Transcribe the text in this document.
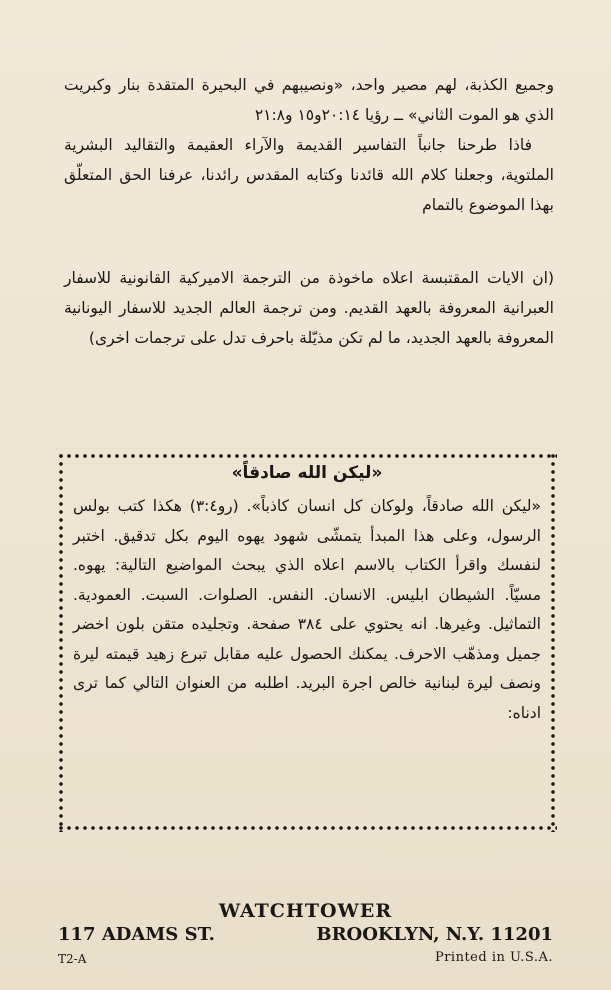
وجميع الكذبة، لهم مصير واحد، «ونصيبهم في البحيرة المتقدة بنار وكبريت الذي هو الموت الثاني» ــ رؤيا ٢٠:١٤و١٥ و٢١:٨

فاذا طرحنا جانباً التفاسير القديمة والآراء العقيمة والتقاليد البشرية الملتوية، وجعلنا كلام الله قائدنا وكتابه المقدس رائدنا، عرفنا الحق المتعلّق بهذا الموضوع بالتمام

(ان الايات المقتبسة اعلاه ماخوذة من الترجمة الاميركية القانونية للاسفار العبرانية المعروفة بالعهد القديم. ومن ترجمة العالم الجديد للاسفار اليونانية المعروفة بالعهد الجديد، ما لم تكن مذيّلة باحرف تدل على ترجمات اخرى)

«ليكن الله صادقاً»

«ليكن الله صادقاً، ولوكان كل انسان كاذباً». (رو٣:٤) هكذا كتب بولس الرسول، وعلى هذا المبدأ يتمشّى شهود يهوه اليوم بكل تدقيق. اختبر لنفسك واقرأ الكتاب بالاسم اعلاه الذي يبحث المواضيع التالية: يهوه. مسيّاً. الشيطان ابليس. الانسان. النفس. الصلوات. السبت. العمودية. التماثيل. وغيرها. انه يحتوي على ٣٨٤ صفحة. وتجليده متقن بلون اخضر جميل ومذهّب الاحرف. يمكنك الحصول عليه مقابل تبرع زهيد قيمته ليرة ونصف ليرة لبنانية خالص اجرة البريد. اطلبه من العنوان التالي كما ترى ادناه:
WATCHTOWER
117 ADAMS ST.	BROOKLYN, N.Y. 11201
T2-A	Printed in U.S.A.
